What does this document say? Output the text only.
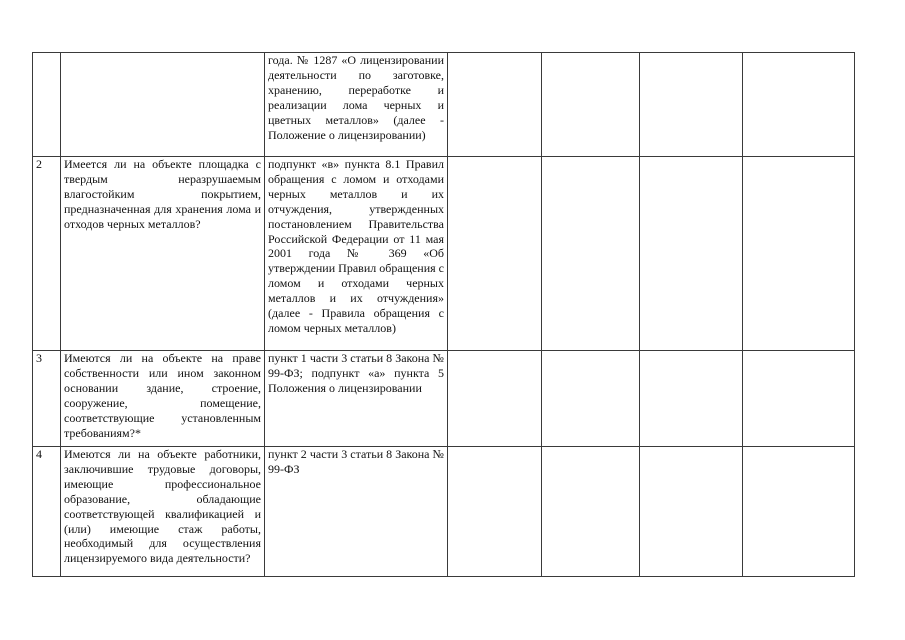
		года. № 1287 «О лицензировании деятельности по заготовке, хранению, переработке и реализации лома черных и цветных металлов» (далее - Положение о лицензировании)				
2	Имеется ли на объекте площадка с твердым неразрушаемым влагостойким покрытием, предназначенная для хранения лома и отходов черных металлов?	подпункт «в» пункта 8.1 Правил обращения с ломом и отходами черных металлов и их отчуждения, утвержденных постановлением Правительства Российской Федерации от 11 мая 2001 года № 369 «Об утверждении Правил обращения с ломом и отходами черных металлов и их отчуждения» (далее - Правила обращения с ломом черных металлов)				
3	Имеются ли на объекте на праве собственности или ином законном основании здание, строение, сооружение, помещение, соответствующие установленным требованиям?*	пункт 1 части 3 статьи 8 Закона № 99-ФЗ; подпункт «а» пункта 5 Положения о лицензировании				
4	Имеются ли на объекте работники, заключившие трудовые договоры, имеющие профессиональное образование, обладающие соответствующей квалификацией и (или) имеющие стаж работы, необходимый для осуществления лицензируемого вида деятельности?	пункт 2 части 3 статьи 8 Закона № 99-ФЗ				
